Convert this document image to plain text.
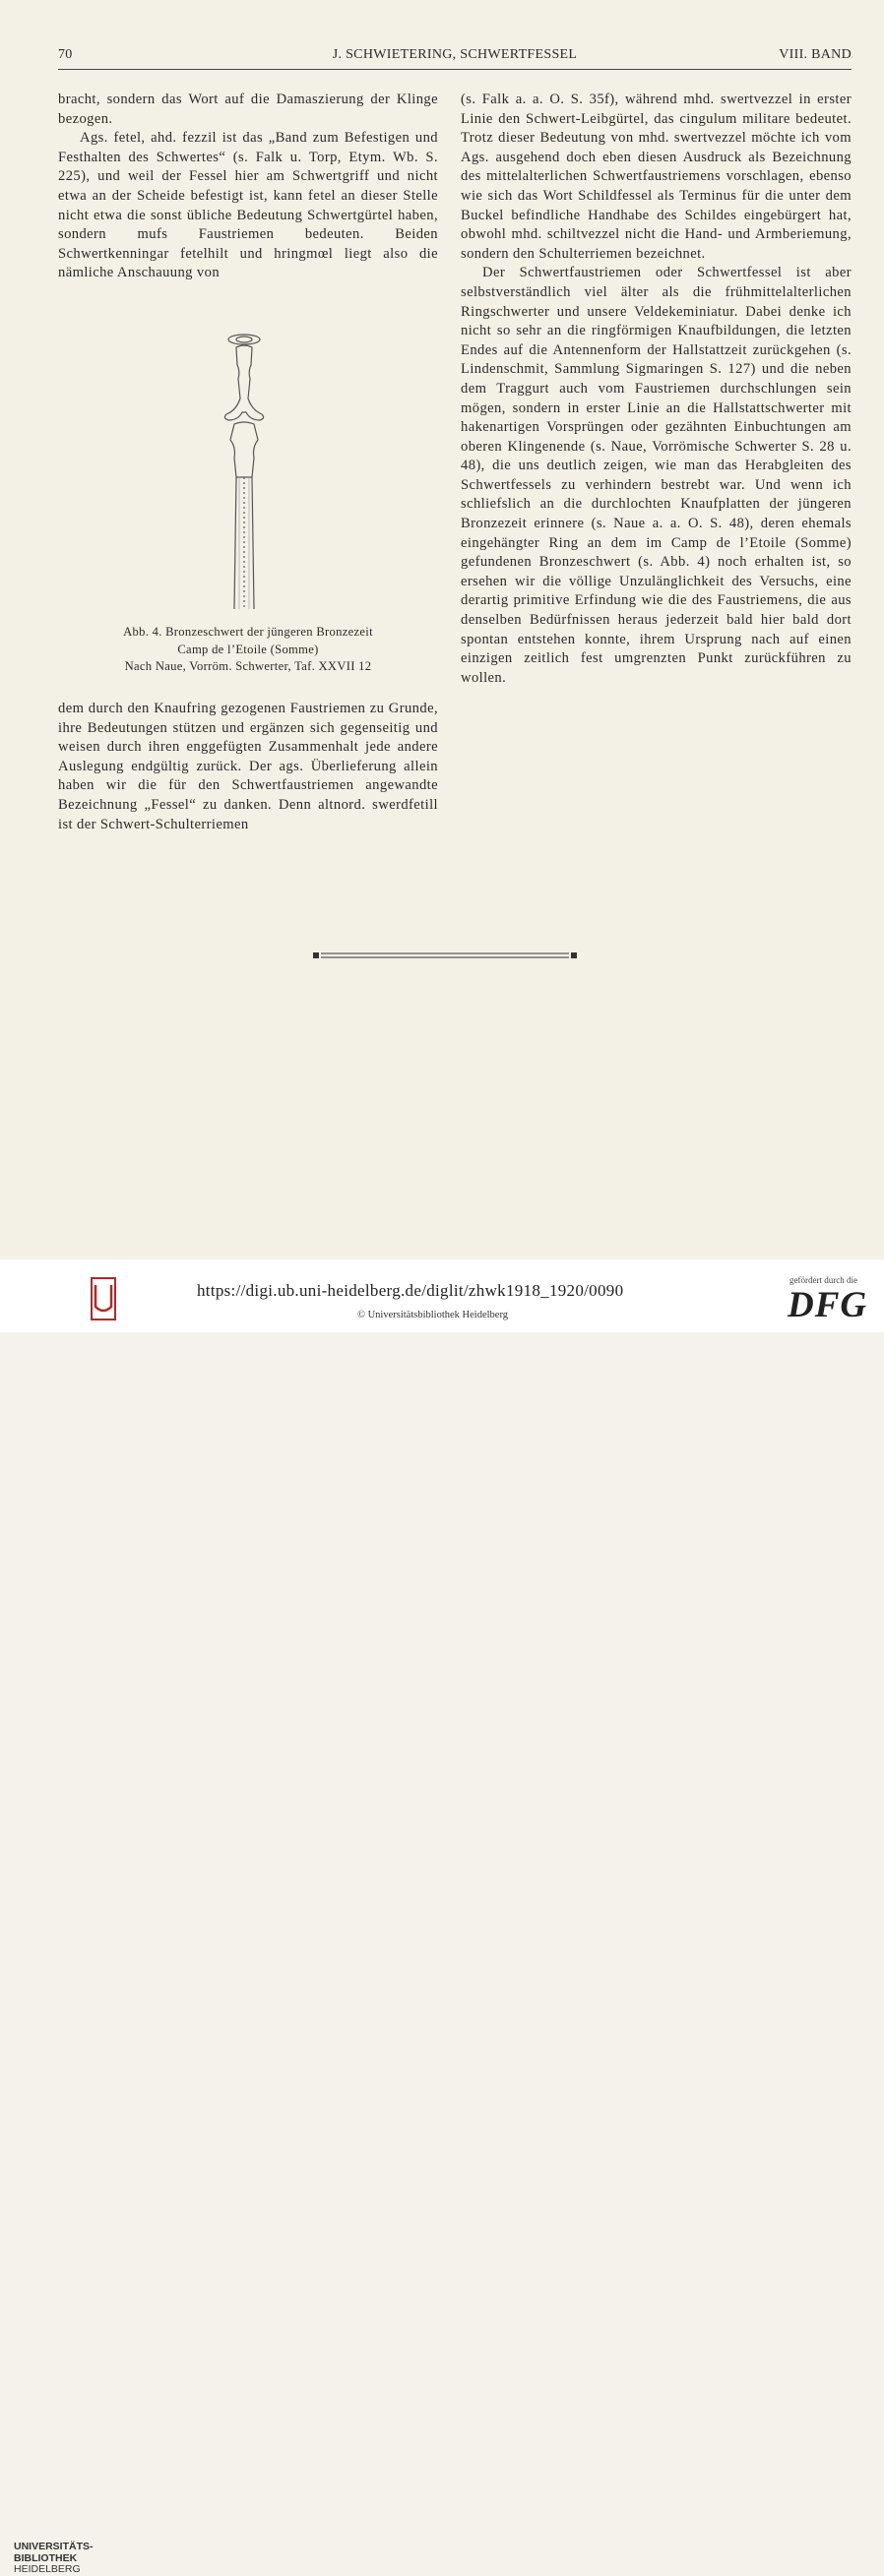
70	J. SCHWIETERING, SCHWERTFESSEL	VIII. BAND

bracht, sondern das Wort auf die Damaszierung der Klinge bezogen.

Ags. fetel, ahd. fezzil ist das „Band zum Befestigen und Festhalten des Schwertes“ (s. Falk u. Torp, Etym. Wb. S. 225), und weil der Fessel hier am Schwertgriff und nicht etwa an der Scheide befestigt ist, kann fetel an dieser Stelle nicht etwa die sonst übliche Bedeutung Schwertgürtel haben, sondern mufs Faustriemen bedeuten. Beiden Schwertkenningar fetelhilt und hringmœl liegt also die nämliche Anschauung von

Abb. 4. Bronzeschwert der jüngeren Bronzezeit
Camp de l’Etoile (Somme)
Nach Naue, Vorröm. Schwerter, Taf. XXVII 12

dem durch den Knaufring gezogenen Faustriemen zu Grunde, ihre Bedeutungen stützen und ergänzen sich gegenseitig und weisen durch ihren enggefügten Zusammenhalt jede andere Auslegung endgültig zurück. Der ags. Überlieferung allein haben wir die für den Schwertfaustriemen angewandte Bezeichnung „Fessel“ zu danken. Denn altnord. swerdfetill ist der Schwert-Schulterriemen

(s. Falk a. a. O. S. 35f), während mhd. swertvezzel in erster Linie den Schwert-Leibgürtel, das cingulum militare bedeutet. Trotz dieser Bedeutung von mhd. swertvezzel möchte ich vom Ags. ausgehend doch eben diesen Ausdruck als Bezeichnung des mittelalterlichen Schwertfaustriemens vorschlagen, ebenso wie sich das Wort Schildfessel als Terminus für die unter dem Buckel befindliche Handhabe des Schildes eingebürgert hat, obwohl mhd. schiltvezzel nicht die Hand- und Armberiemung, sondern den Schulterriemen bezeichnet.

Der Schwertfaustriemen oder Schwertfessel ist aber selbstverständlich viel älter als die frühmittelalterlichen Ringschwerter und unsere Veldekeminiatur. Dabei denke ich nicht so sehr an die ringförmigen Knaufbildungen, die letzten Endes auf die Antennenform der Hallstattzeit zurückgehen (s. Lindenschmit, Sammlung Sigmaringen S. 127) und die neben dem Traggurt auch vom Faustriemen durchschlungen sein mögen, sondern in erster Linie an die Hallstattschwerter mit hakenartigen Vorsprüngen oder gezähnten Einbuchtungen am oberen Klingenende (s. Naue, Vorrömische Schwerter S. 28 u. 48), die uns deutlich zeigen, wie man das Herabgleiten des Schwertfessels zu verhindern bestrebt war. Und wenn ich schliefslich an die durchlochten Knaufplatten der jüngeren Bronzezeit erinnere (s. Naue a. a. O. S. 48), deren ehemals eingehängter Ring an dem im Camp de l’Etoile (Somme) gefundenen Bronzeschwert (s. Abb. 4) noch erhalten ist, so ersehen wir die völlige Unzulänglichkeit des Versuchs, eine derartig primitive Erfindung wie die des Faustriemens, die aus denselben Bedürfnissen heraus jederzeit bald hier bald dort spontan entstehen konnte, ihrem Ursprung nach auf einen einzigen zeitlich fest umgrenzten Punkt zurückführen zu wollen.

UNIVERSITÄTS-
BIBLIOTHEK
HEIDELBERG
https://digi.ub.uni-heidelberg.de/diglit/zhwk1918_1920/0090
© Universitätsbibliothek Heidelberg
gefördert durch die
DFG
